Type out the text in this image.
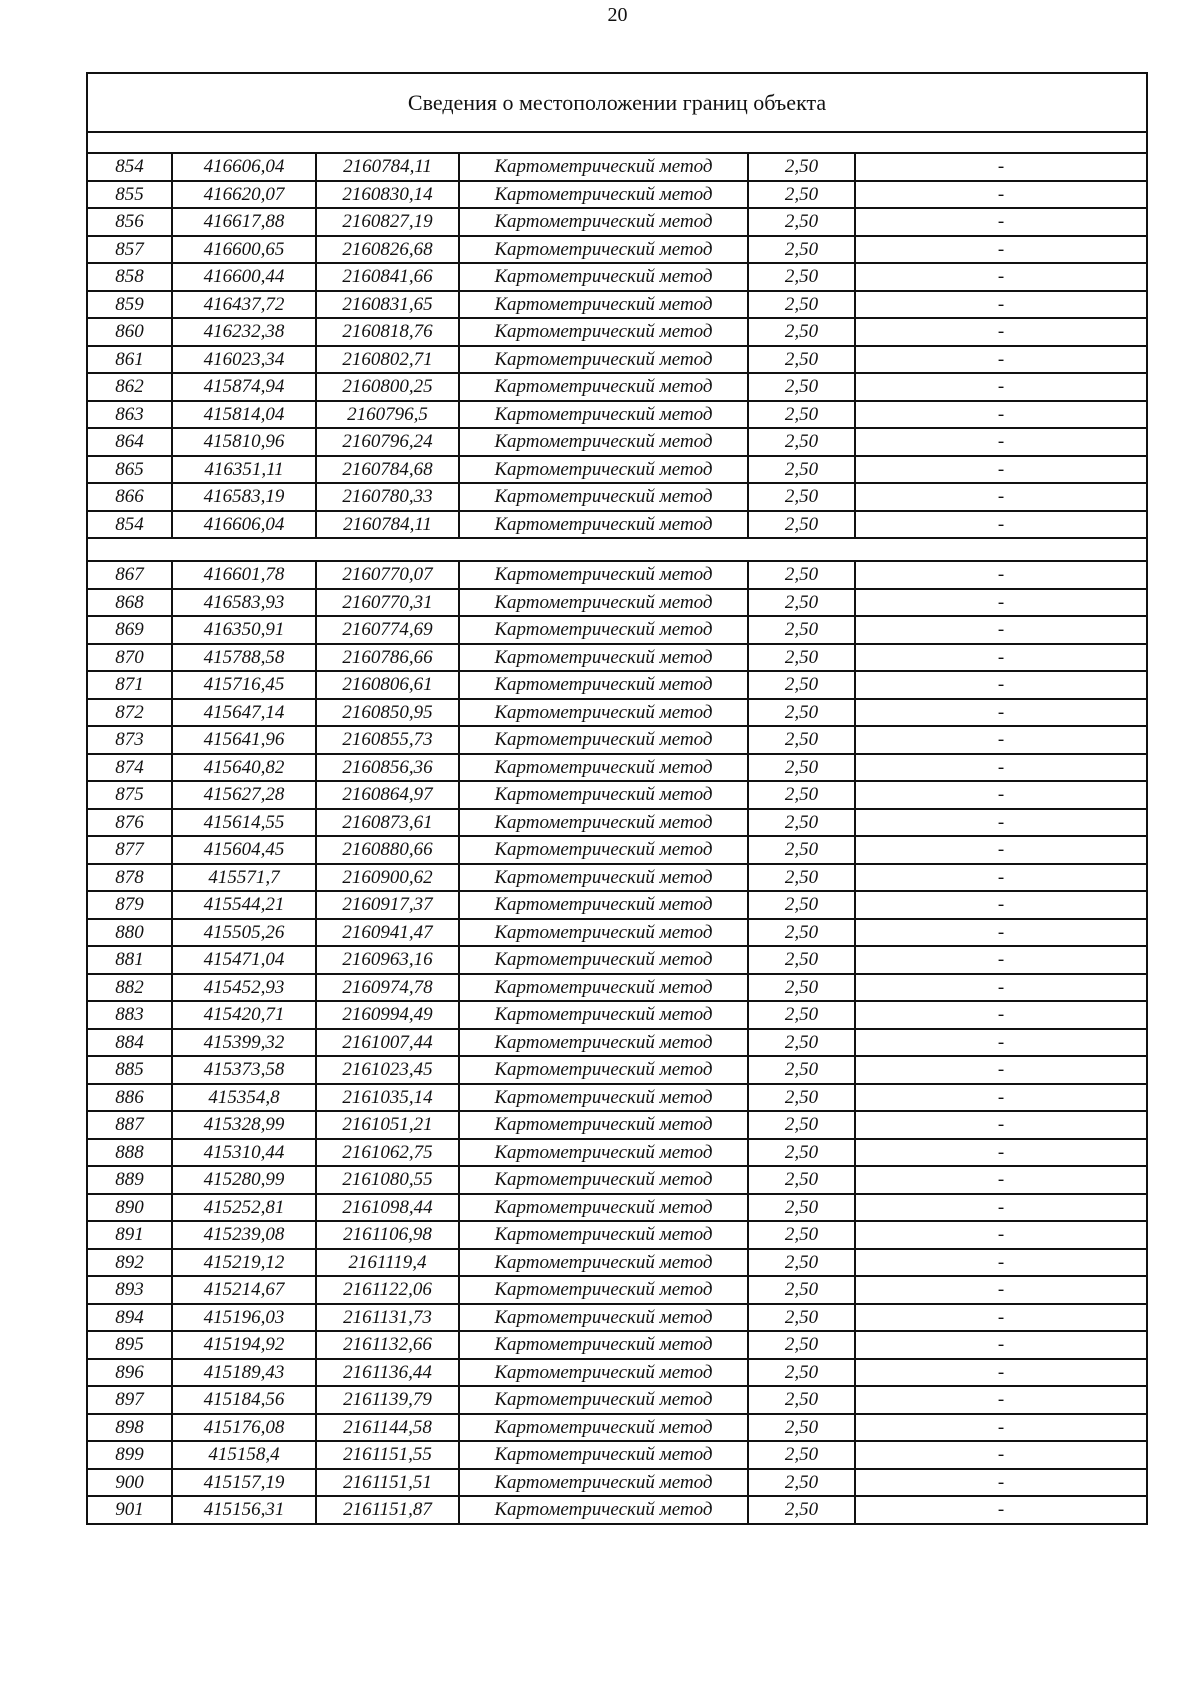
20
Сведения о местоположении границ объекта					

854	416606,04	2160784,11	Картометрический метод	2,50	-
855	416620,07	2160830,14	Картометрический метод	2,50	-
856	416617,88	2160827,19	Картометрический метод	2,50	-
857	416600,65	2160826,68	Картометрический метод	2,50	-
858	416600,44	2160841,66	Картометрический метод	2,50	-
859	416437,72	2160831,65	Картометрический метод	2,50	-
860	416232,38	2160818,76	Картометрический метод	2,50	-
861	416023,34	2160802,71	Картометрический метод	2,50	-
862	415874,94	2160800,25	Картометрический метод	2,50	-
863	415814,04	2160796,5	Картометрический метод	2,50	-
864	415810,96	2160796,24	Картометрический метод	2,50	-
865	416351,11	2160784,68	Картометрический метод	2,50	-
866	416583,19	2160780,33	Картометрический метод	2,50	-
854	416606,04	2160784,11	Картометрический метод	2,50	-

867	416601,78	2160770,07	Картометрический метод	2,50	-
868	416583,93	2160770,31	Картометрический метод	2,50	-
869	416350,91	2160774,69	Картометрический метод	2,50	-
870	415788,58	2160786,66	Картометрический метод	2,50	-
871	415716,45	2160806,61	Картометрический метод	2,50	-
872	415647,14	2160850,95	Картометрический метод	2,50	-
873	415641,96	2160855,73	Картометрический метод	2,50	-
874	415640,82	2160856,36	Картометрический метод	2,50	-
875	415627,28	2160864,97	Картометрический метод	2,50	-
876	415614,55	2160873,61	Картометрический метод	2,50	-
877	415604,45	2160880,66	Картометрический метод	2,50	-
878	415571,7	2160900,62	Картометрический метод	2,50	-
879	415544,21	2160917,37	Картометрический метод	2,50	-
880	415505,26	2160941,47	Картометрический метод	2,50	-
881	415471,04	2160963,16	Картометрический метод	2,50	-
882	415452,93	2160974,78	Картометрический метод	2,50	-
883	415420,71	2160994,49	Картометрический метод	2,50	-
884	415399,32	2161007,44	Картометрический метод	2,50	-
885	415373,58	2161023,45	Картометрический метод	2,50	-
886	415354,8	2161035,14	Картометрический метод	2,50	-
887	415328,99	2161051,21	Картометрический метод	2,50	-
888	415310,44	2161062,75	Картометрический метод	2,50	-
889	415280,99	2161080,55	Картометрический метод	2,50	-
890	415252,81	2161098,44	Картометрический метод	2,50	-
891	415239,08	2161106,98	Картометрический метод	2,50	-
892	415219,12	2161119,4	Картометрический метод	2,50	-
893	415214,67	2161122,06	Картометрический метод	2,50	-
894	415196,03	2161131,73	Картометрический метод	2,50	-
895	415194,92	2161132,66	Картометрический метод	2,50	-
896	415189,43	2161136,44	Картометрический метод	2,50	-
897	415184,56	2161139,79	Картометрический метод	2,50	-
898	415176,08	2161144,58	Картометрический метод	2,50	-
899	415158,4	2161151,55	Картометрический метод	2,50	-
900	415157,19	2161151,51	Картометрический метод	2,50	-
901	415156,31	2161151,87	Картометрический метод	2,50	-
